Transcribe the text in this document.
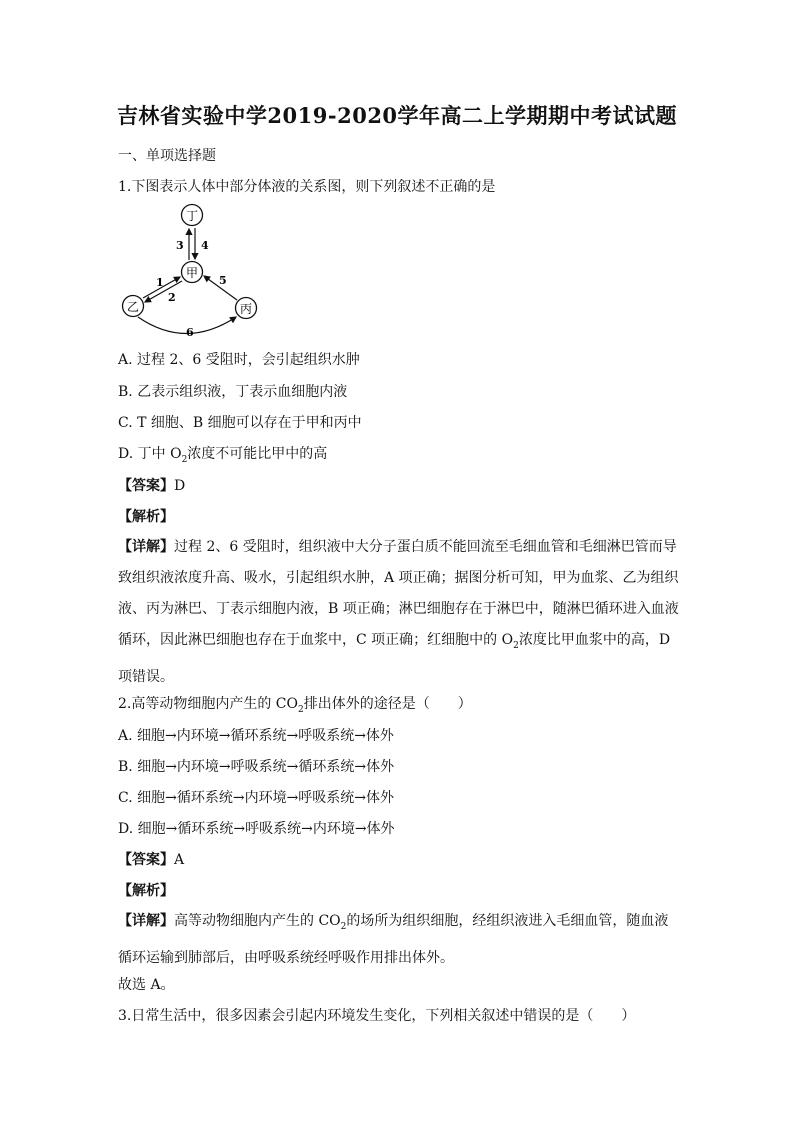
吉林省实验中学2019-2020学年高二上学期期中考试试题
一、单项选择题
1.下图表示人体中部分体液的关系图，则下列叙述不正确的是
丁
甲
乙	丙
1
2
3 4
5
6
A. 过程 2、6 受阻时，会引起组织水肿
B. 乙表示组织液，丁表示血细胞内液
C. T 细胞、B 细胞可以存在于甲和丙中
D. 丁中 $O_2$浓度不可能比甲中的高
【答案】D
【解析】

【详解】过程 2、6 受阻时，组织液中大分子蛋白质不能回流至毛细血管和毛细淋巴管而导

致组织液浓度升高、吸水，引起组织水肿，A 项正确；据图分析可知，甲为血浆、乙为组织

液、丙为淋巴、丁表示细胞内液，B 项正确；淋巴细胞存在于淋巴中，随淋巴循环进入血液

循环，因此淋巴细胞也存在于血浆中，C 项正确；红细胞中的 $O_2$浓度比甲血浆中的高，D

项错误。

2.高等动物细胞内产生的 $CO_2$排出体外的途径是（　　）
A. 细胞→内环境→循环系统→呼吸系统→体外
B. 细胞→内环境→呼吸系统→循环系统→体外
C. 细胞→循环系统→内环境→呼吸系统→体外
D. 细胞→循环系统→呼吸系统→内环境→体外
【答案】A
【解析】

【详解】高等动物细胞内产生的 $CO_2$的场所为组织细胞，经组织液进入毛细血管，随血液

循环运输到肺部后，由呼吸系统经呼吸作用排出体外。

故选 A。
3.日常生活中，很多因素会引起内环境发生变化，下列相关叙述中错误的是（　　）
